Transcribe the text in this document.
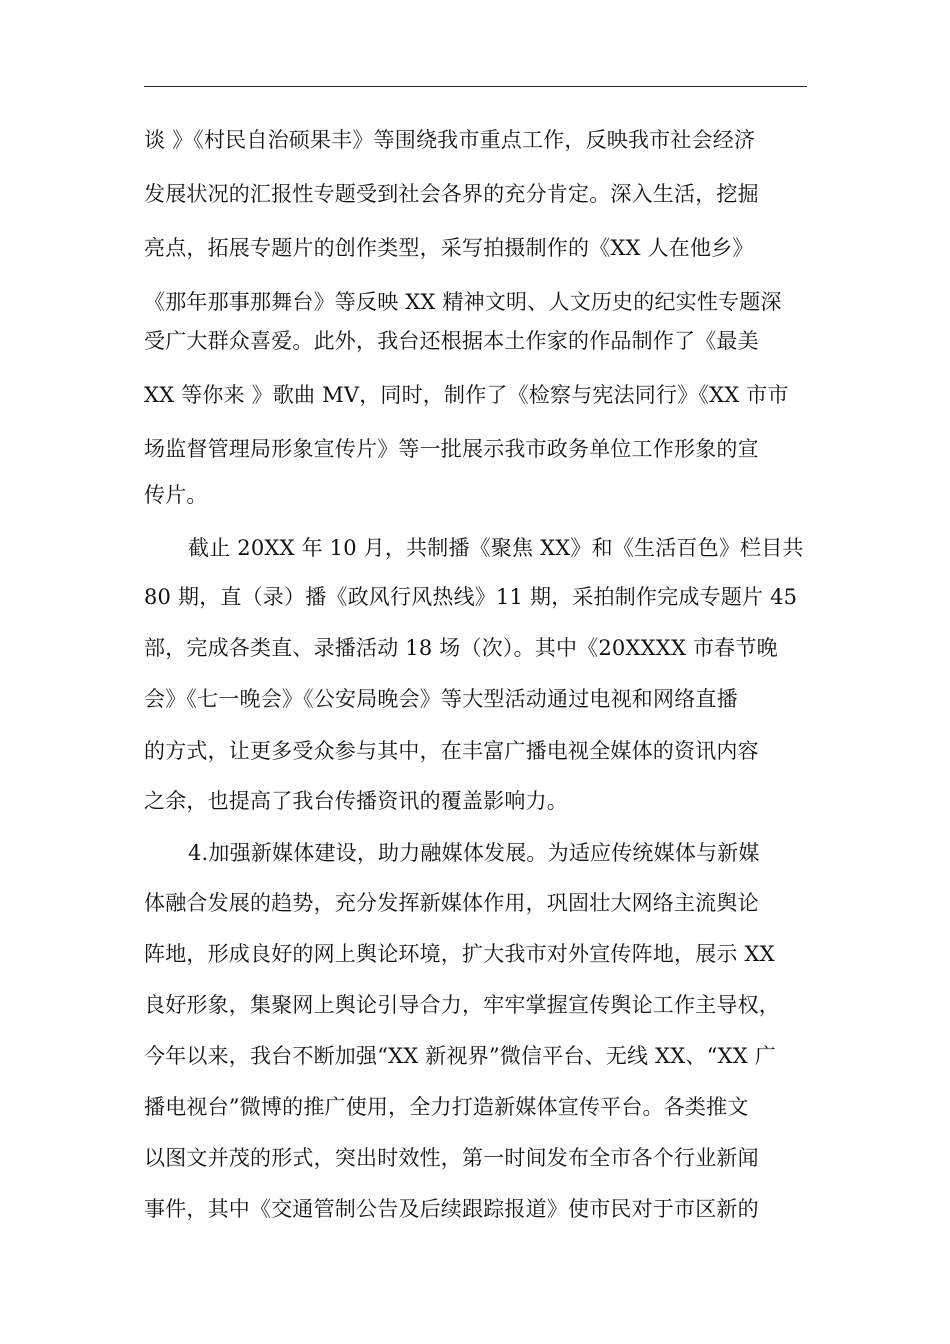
谈 》《村民自治硕果丰》等围绕我市重点工作，反映我市社会经济
发展状况的汇报性专题受到社会各界的充分肯定。深入生活，挖掘
亮点，拓展专题片的创作类型，采写拍摄制作的《XX 人在他乡》
《那年那事那舞台》等反映 XX 精神文明、人文历史的纪实性专题深
受广大群众喜爱。此外，我台还根据本土作家的作品制作了《最美
XX 等你来 》歌曲 MV，同时，制作了《检察与宪法同行》《XX 市市
场监督管理局形象宣传片》等一批展示我市政务单位工作形象的宣
传片。
截止 20XX 年 10 月，共制播《聚焦 XX》和《生活百色》栏目共
80 期，直（录）播《政风行风热线》11 期，采拍制作完成专题片 45
部，完成各类直、录播活动 18 场（次）。其中《20XXXX 市春节晚
会》《七一晚会》《公安局晚会》等大型活动通过电视和网络直播
的方式，让更多受众参与其中，在丰富广播电视全媒体的资讯内容
之余，也提高了我台传播资讯的覆盖影响力。
4.加强新媒体建设，助力融媒体发展。为适应传统媒体与新媒
体融合发展的趋势，充分发挥新媒体作用，巩固壮大网络主流舆论
阵地，形成良好的网上舆论环境，扩大我市对外宣传阵地，展示 XX
良好形象，集聚网上舆论引导合力，牢牢掌握宣传舆论工作主导权，
今年以来，我台不断加强“XX 新视界”微信平台、无线 XX、“XX 广
播电视台”微博的推广使用，全力打造新媒体宣传平台。各类推文
以图文并茂的形式，突出时效性，第一时间发布全市各个行业新闻
事件，其中《交通管制公告及后续跟踪报道》使市民对于市区新的
